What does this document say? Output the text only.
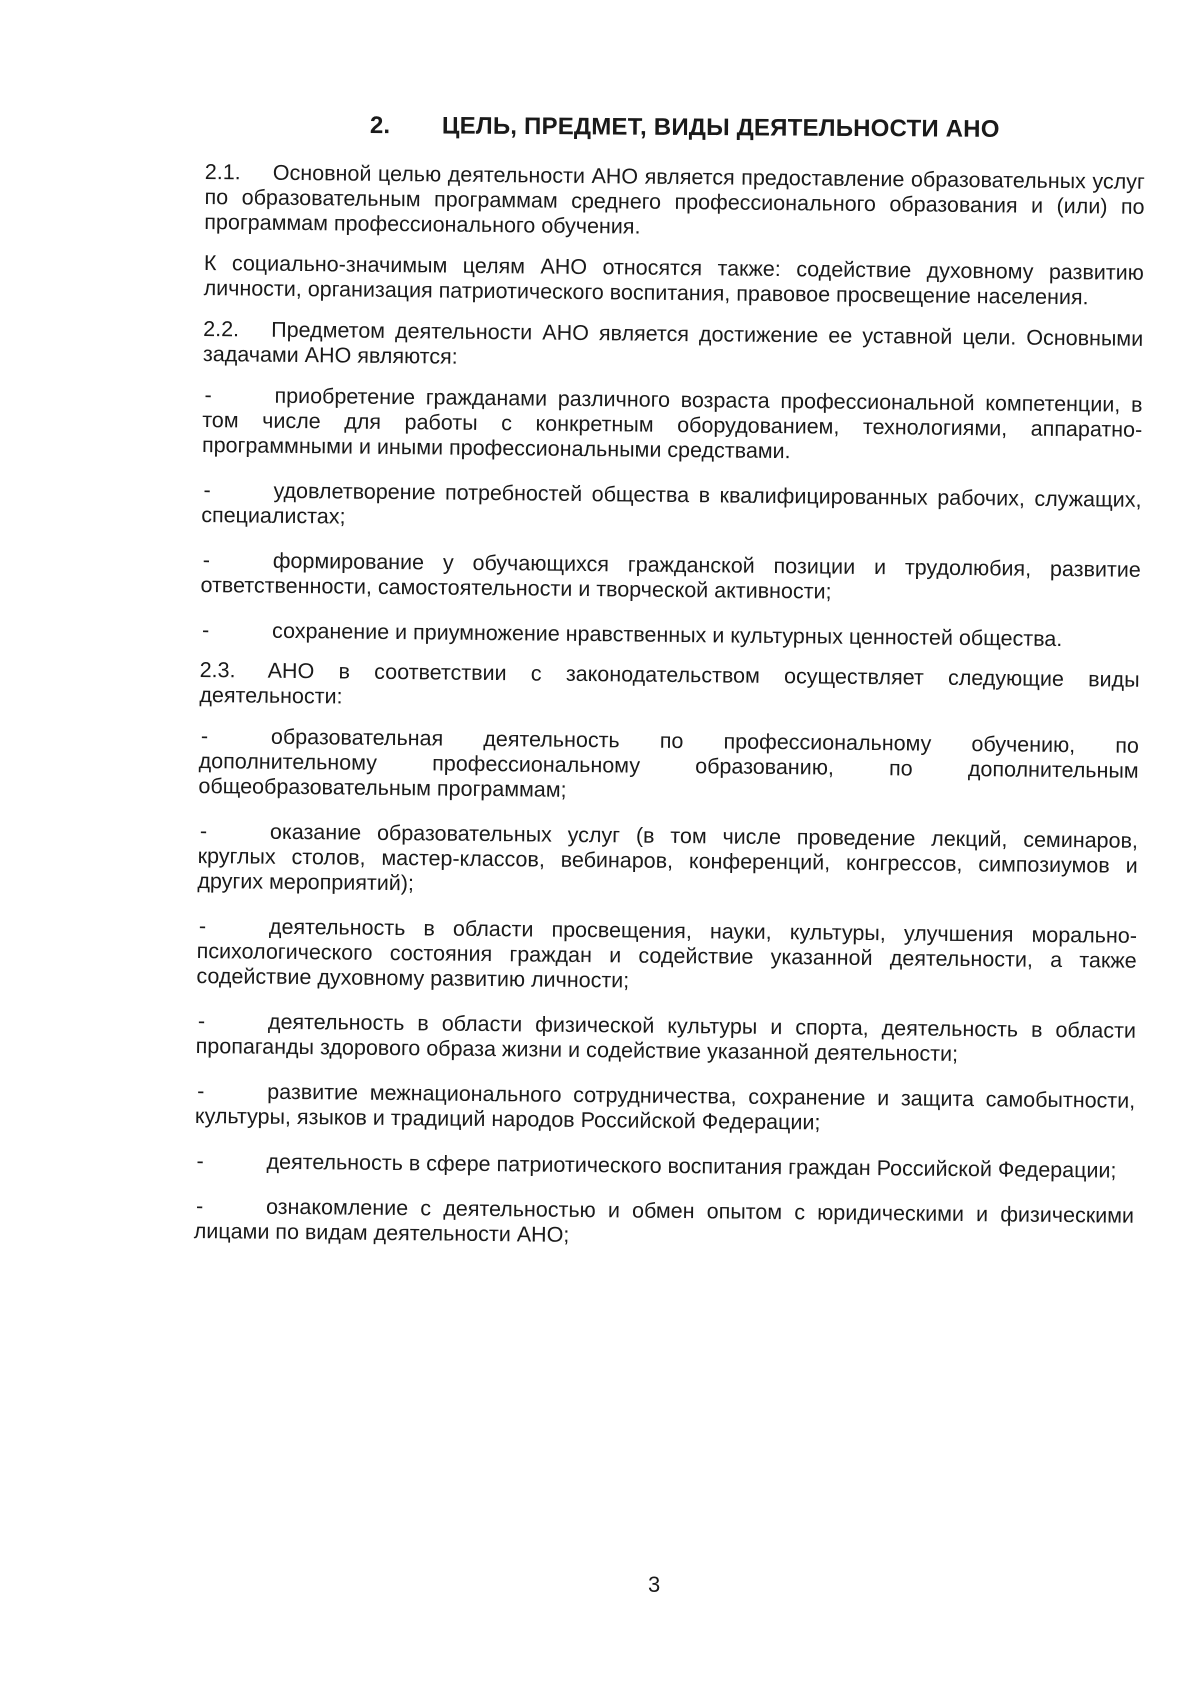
2. ЦЕЛЬ, ПРЕДМЕТ, ВИДЫ ДЕЯТЕЛЬНОСТИ АНО

2.1. Основной целью деятельности АНО является предоставление образовательных услуг по образовательным программам среднего профессионального образования и (или) по программам профессионального обучения.

К социально-значимым целям АНО относятся также: содействие духовному развитию личности, организация патриотического воспитания, правовое просвещение населения.

2.2. Предметом деятельности АНО является достижение ее уставной цели. Основными задачами АНО являются:

-	приобретение гражданами различного возраста профессиональной компетенции, в том числе для работы с конкретным оборудованием, технологиями, аппаратно-программными и иными профессиональными средствами.

-	удовлетворение потребностей общества в квалифицированных рабочих, служащих, специалистах;

-	формирование у обучающихся гражданской позиции и трудолюбия, развитие ответственности, самостоятельности и творческой активности;

-	сохранение и приумножение нравственных и культурных ценностей общества.

2.3. АНО в соответствии с законодательством осуществляет следующие виды деятельности:

-	образовательная деятельность по профессиональному обучению, по дополнительному профессиональному образованию, по дополнительным общеобразовательным программам;

-	оказание образовательных услуг (в том числе проведение лекций, семинаров, круглых столов, мастер-классов, вебинаров, конференций, конгрессов, симпозиумов и других мероприятий);

-	деятельность в области просвещения, науки, культуры, улучшения морально-психологического состояния граждан и содействие указанной деятельности, а также содействие духовному развитию личности;

-	деятельность в области физической культуры и спорта, деятельность в области пропаганды здорового образа жизни и содействие указанной деятельности;

-	развитие межнационального сотрудничества, сохранение и защита самобытности, культуры, языков и традиций народов Российской Федерации;

-	деятельность в сфере патриотического воспитания граждан Российской Федерации;

-	ознакомление с деятельностью и обмен опытом с юридическими и физическими лицами по видам деятельности АНО;

3
